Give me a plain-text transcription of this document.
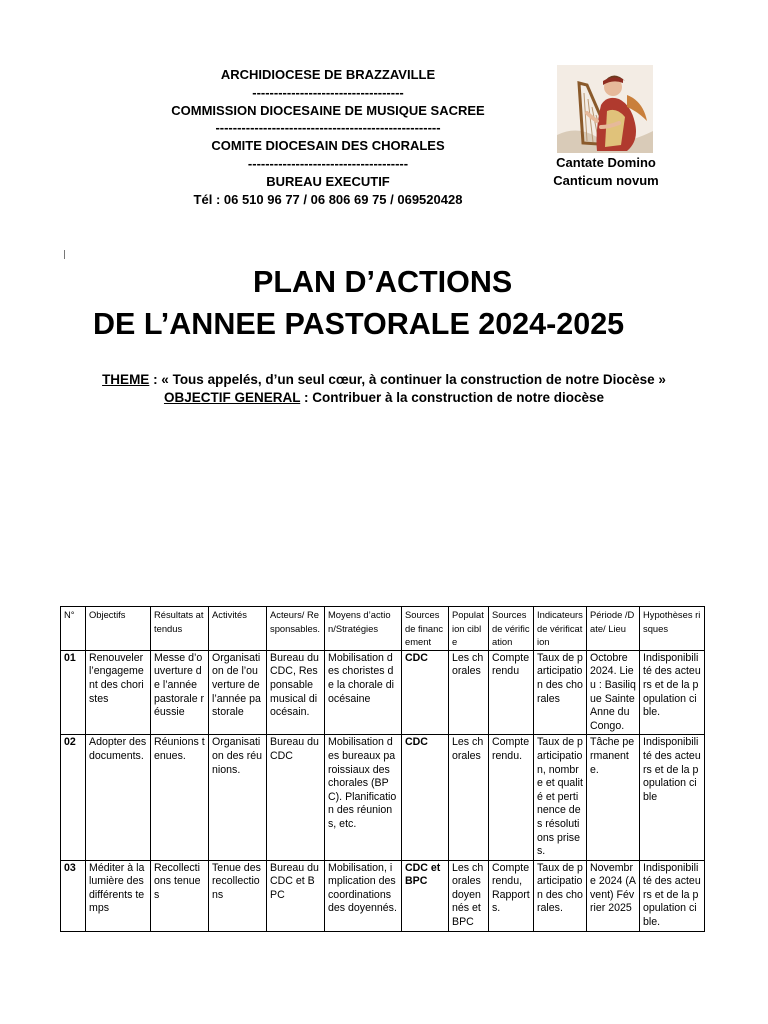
ARCHIDIOCESE DE BRAZZAVILLE
-----------------------------------
COMMISSION DIOCESAINE DE MUSIQUE SACREE
----------------------------------------------------
COMITE DIOCESAIN DES CHORALES
-------------------------------------
BUREAU EXECUTIF
Tél : 06 510 96 77 / 06 806 69 75 / 069520428
Cantate Domino
Canticum novum
PLAN D’ACTIONS
DE L’ANNEE PASTORALE 2024-2025
THEME : « Tous appelés, d’un seul cœur, à continuer la construction de notre Diocèse »
OBJECTIF GENERAL : Contribuer à la construction de notre diocèse
N°	Objectifs	Résultats attendus	Activités	Acteurs/ Responsables.	Moyens d’action/Stratégies	Sources de financement	Population cible	Sources de vérification	Indicateurs de vérification	Période /Date/ Lieu	Hypothèses risques
01	Renouveler l’engagement des choristes	Messe d’ouverture de l’année pastorale réussie	Organisation de l’ouverture de l’année pastorale	Bureau du CDC, Responsable musical diocésain.	Mobilisation des choristes de la chorale diocésaine	CDC	Les chorales	Compte rendu	Taux de participation des chorales	Octobre 2024. Lieu : Basilique Sainte Anne du Congo.	Indisponibilité des acteurs et de la population cible.
02	Adopter des documents.	Réunions tenues.	Organisation des réunions.	Bureau du CDC	Mobilisation des bureaux paroissiaux des chorales (BPC). Planification des réunions, etc.	CDC	Les chorales	Compte rendu.	Taux de participation, nombre et qualité et pertinence des résolutions prises.	Tâche permanente.	Indisponibilité des acteurs et de la population cible
03	Méditer à la lumière des différents temps	Recollections tenues	Tenue des recollections	Bureau du CDC et BPC	Mobilisation, implication des coordinations des doyennés.	CDC et BPC	Les chorales doyennés et BPC	Compte rendu, Rapports.	Taux de participation des chorales.	Novembre 2024 (Avent) Février 2025	Indisponibilité des acteurs et de la population cible.
